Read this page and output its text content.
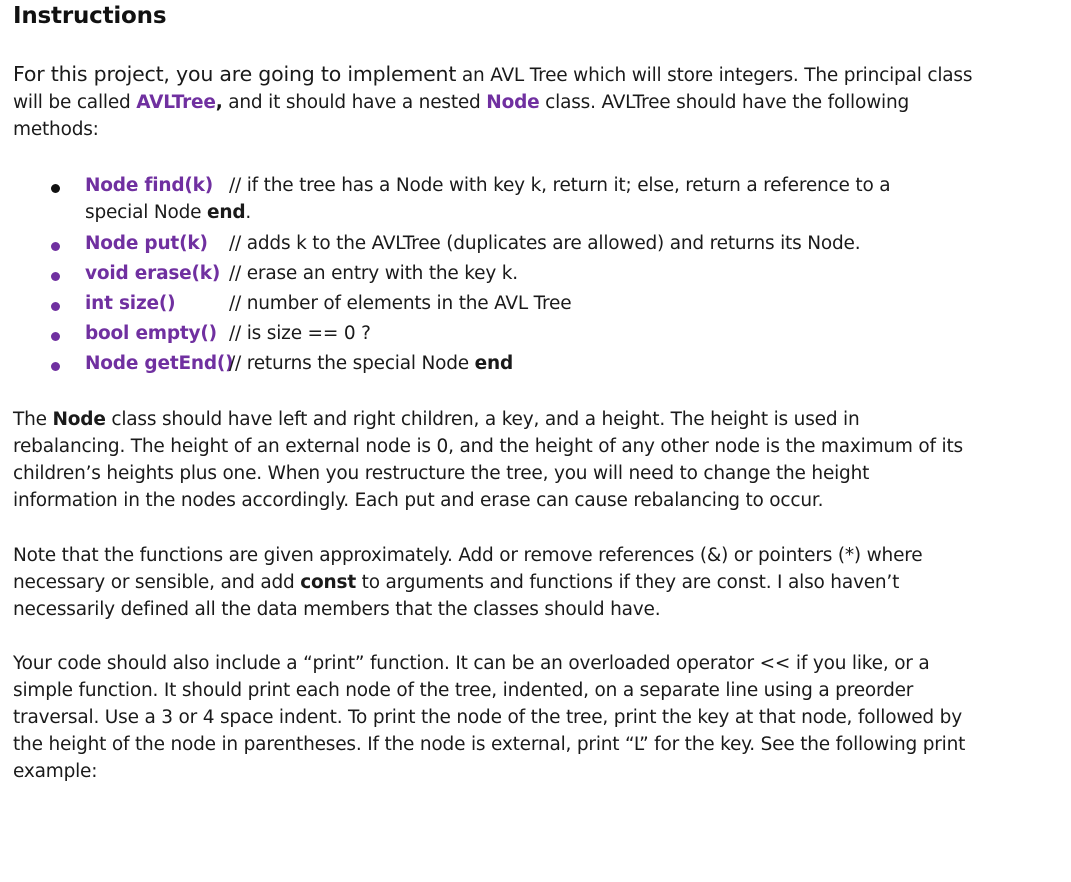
Instructions
For this project, you are going to implement an AVL Tree which will store integers. The principal class will be called AVLTree, and it should have a nested Node class. AVLTree should have the following methods:
Node find(k) // if the tree has a Node with key k, return it; else, return a reference to a
special Node end.
Node put(k) // adds k to the AVLTree (duplicates are allowed) and returns its Node.
void erase(k) // erase an entry with the key k.
int size()	// number of elements in the AVL Tree
bool empty() // is size == 0 ?
Node getEnd()
// returns the special Node end
The Node class should have left and right children, a key, and a height. The height is used in rebalancing. The height of an external node is 0, and the height of any other node is the maximum of its children’s heights plus one. When you restructure the tree, you will need to change the height information in the nodes accordingly. Each put and erase can cause rebalancing to occur.
Note that the functions are given approximately. Add or remove references (&) or pointers (*) where necessary or sensible, and add const to arguments and functions if they are const. I also haven’t necessarily defined all the data members that the classes should have.
Your code should also include a “print” function. It can be an overloaded operator << if you like, or a simple function. It should print each node of the tree, indented, on a separate line using a preorder traversal. Use a 3 or 4 space indent. To print the node of the tree, print the key at that node, followed by the height of the node in parentheses. If the node is external, print “L” for the key. See the following print example:
